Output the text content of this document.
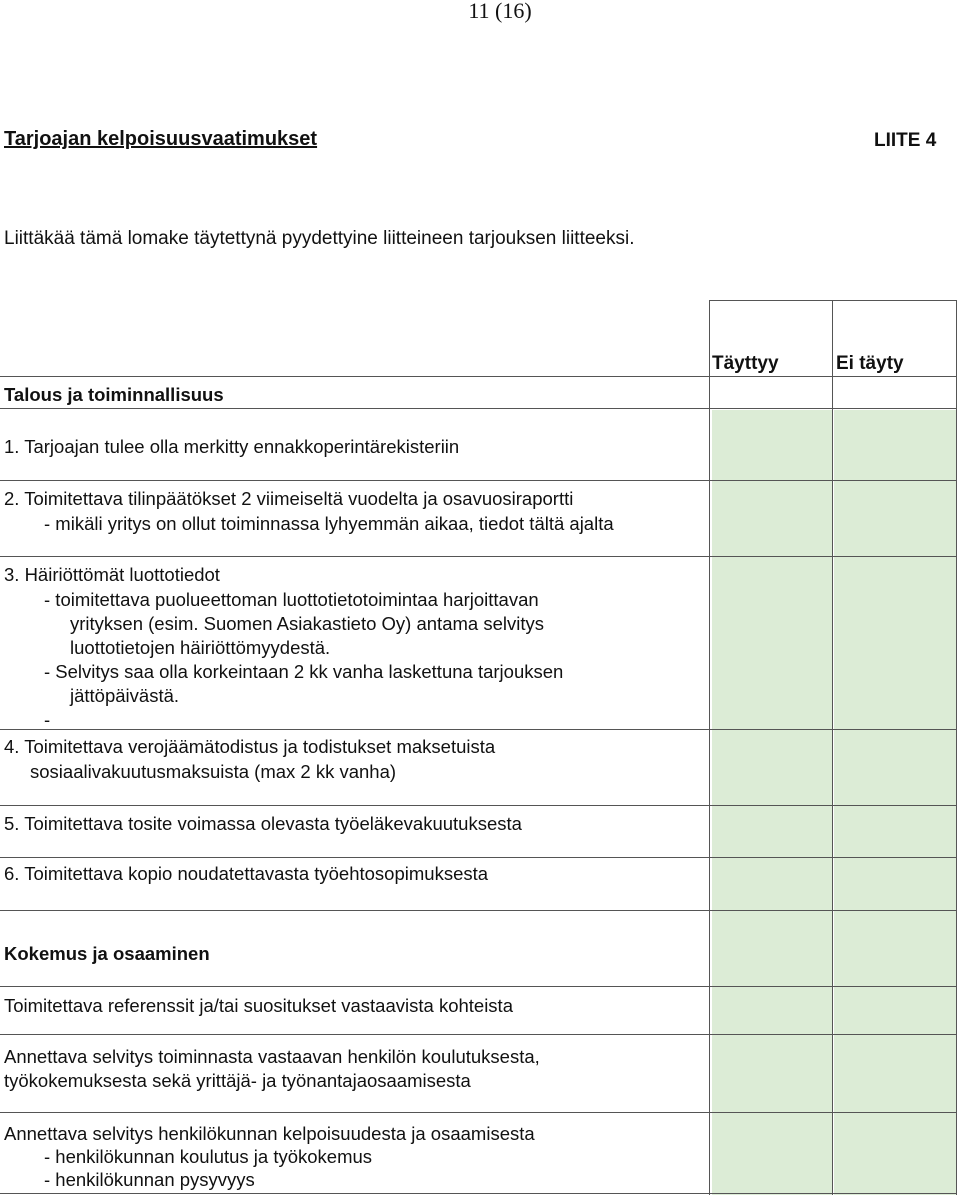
11 (16)
Tarjoajan kelpoisuusvaatimukset	LIITE 4
Liittäkää tämä lomake täytettynä pyydettyine liitteineen tarjouksen liitteeksi.
Täyttyy	Ei täyty
Talous ja toiminnallisuus
1. Tarjoajan tulee olla merkitty ennakkoperintärekisteriin
2. Toimitettava tilinpäätökset 2 viimeiseltä vuodelta ja osavuosiraportti
- mikäli yritys on ollut toiminnassa lyhyemmän aikaa, tiedot tältä ajalta
3. Häiriöttömät luottotiedot
- toimitettava puolueettoman luottotietotoimintaa harjoittavan
yrityksen (esim. Suomen Asiakastieto Oy) antama selvitys
luottotietojen häiriöttömyydestä.
- Selvitys saa olla korkeintaan 2 kk vanha laskettuna tarjouksen
jättöpäivästä.
-
4. Toimitettava verojäämätodistus ja todistukset maksetuista
sosiaalivakuutusmaksuista (max 2 kk vanha)
5. Toimitettava tosite voimassa olevasta työeläkevakuutuksesta
6. Toimitettava kopio noudatettavasta työehtosopimuksesta
Kokemus ja osaaminen
Toimitettava referenssit ja/tai suositukset vastaavista kohteista
Annettava selvitys toiminnasta vastaavan henkilön koulutuksesta,
työkokemuksesta sekä yrittäjä- ja työnantajaosaamisesta
Annettava selvitys henkilökunnan kelpoisuudesta ja osaamisesta
- henkilökunnan koulutus ja työkokemus
- henkilökunnan pysyvyys
